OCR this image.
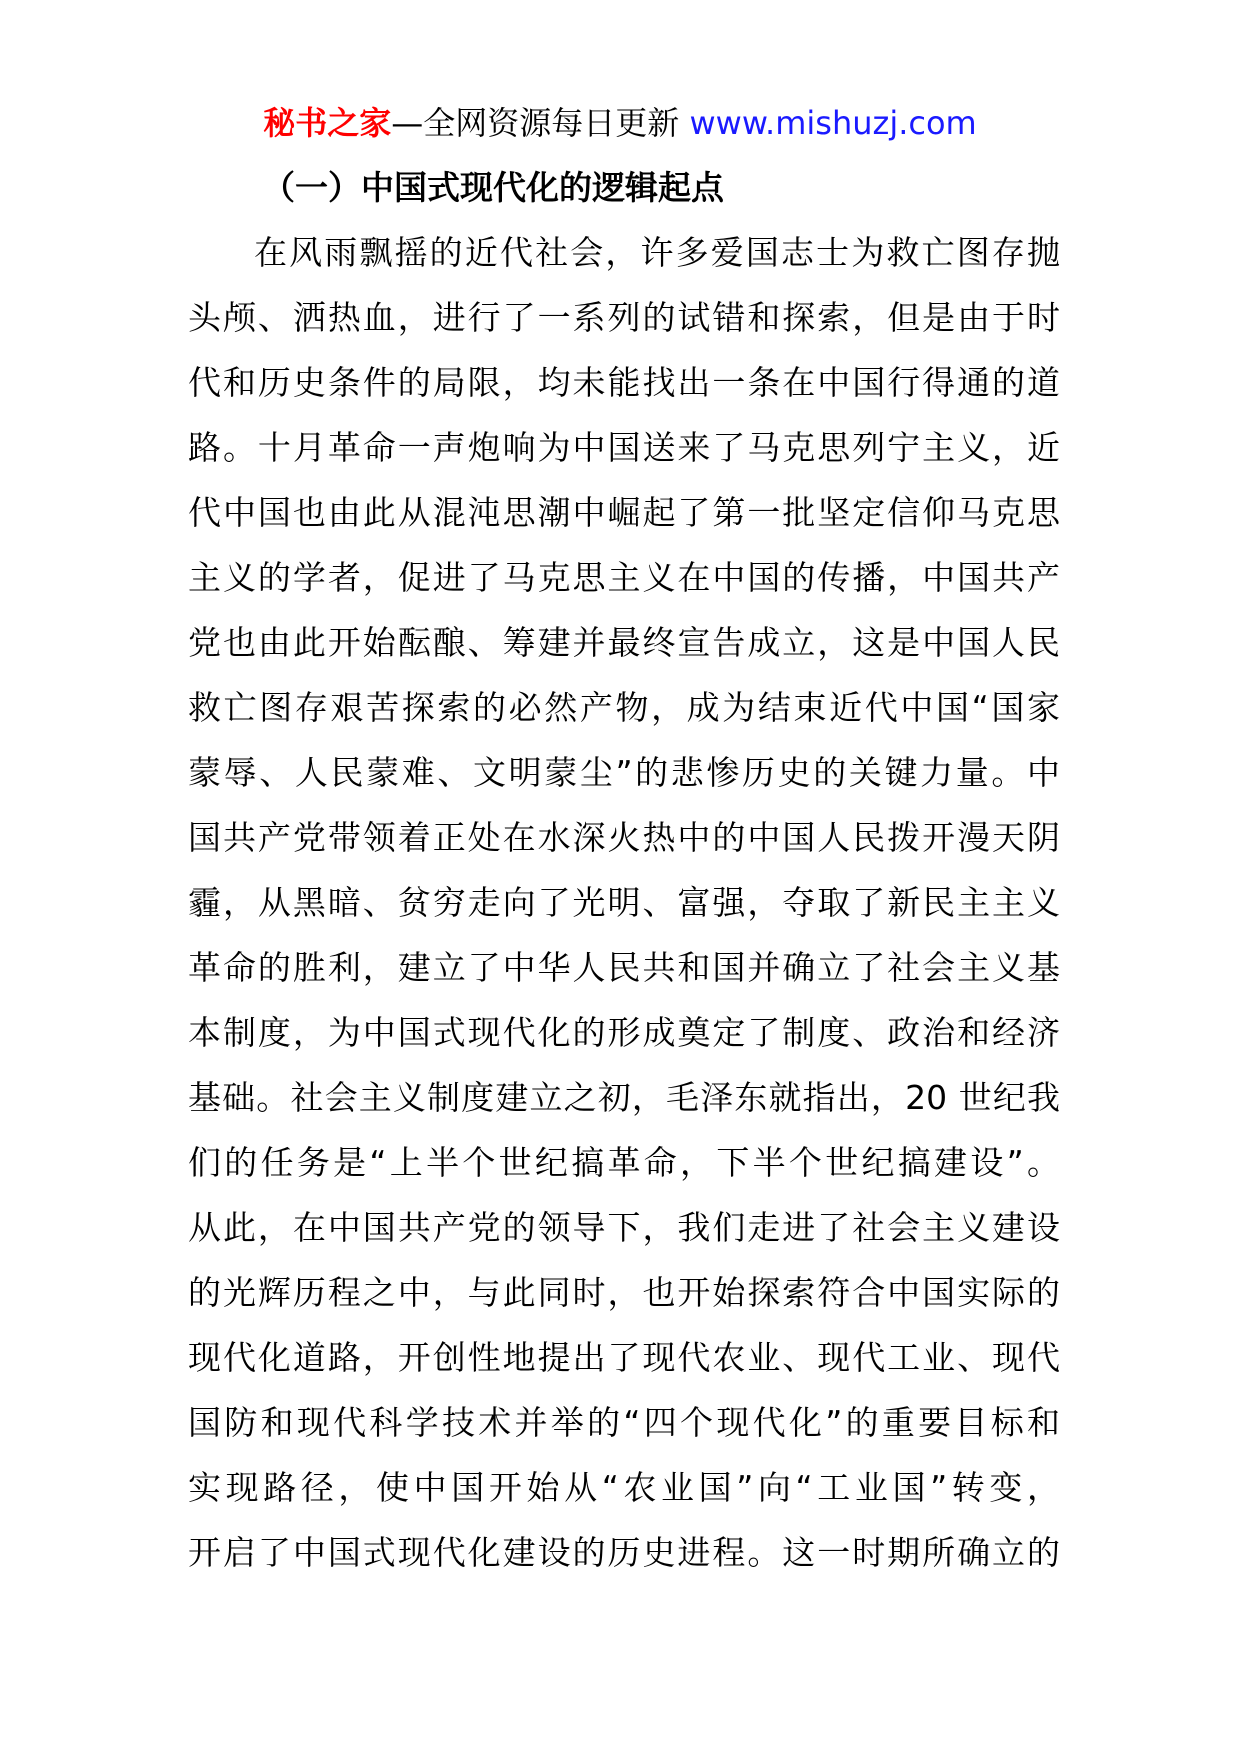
秘书之家—全网资源每日更新 www.mishuzj.com
（一）中国式现代化的逻辑起点
在风雨飘摇的近代社会，许多爱国志士为救亡图存抛
头颅、洒热血，进行了一系列的试错和探索，但是由于时
代和历史条件的局限，均未能找出一条在中国行得通的道
路。十月革命一声炮响为中国送来了马克思列宁主义，近
代中国也由此从混沌思潮中崛起了第一批坚定信仰马克思
主义的学者，促进了马克思主义在中国的传播，中国共产
党也由此开始酝酿、筹建并最终宣告成立，这是中国人民
救亡图存艰苦探索的必然产物，成为结束近代中国“国家
蒙辱、人民蒙难、文明蒙尘”的悲惨历史的关键力量。中
国共产党带领着正处在水深火热中的中国人民拨开漫天阴
霾，从黑暗、贫穷走向了光明、富强，夺取了新民主主义
革命的胜利，建立了中华人民共和国并确立了社会主义基
本制度，为中国式现代化的形成奠定了制度、政治和经济
基础。社会主义制度建立之初，毛泽东就指出，20 世纪我
们的任务是“上半个世纪搞革命，下半个世纪搞建设”。
从此，在中国共产党的领导下，我们走进了社会主义建设
的光辉历程之中，与此同时，也开始探索符合中国实际的
现代化道路，开创性地提出了现代农业、现代工业、现代
国防和现代科学技术并举的“四个现代化”的重要目标和
实现路径，使中国开始从“农业国”向“工业国”转变，
开启了中国式现代化建设的历史进程。这一时期所确立的
